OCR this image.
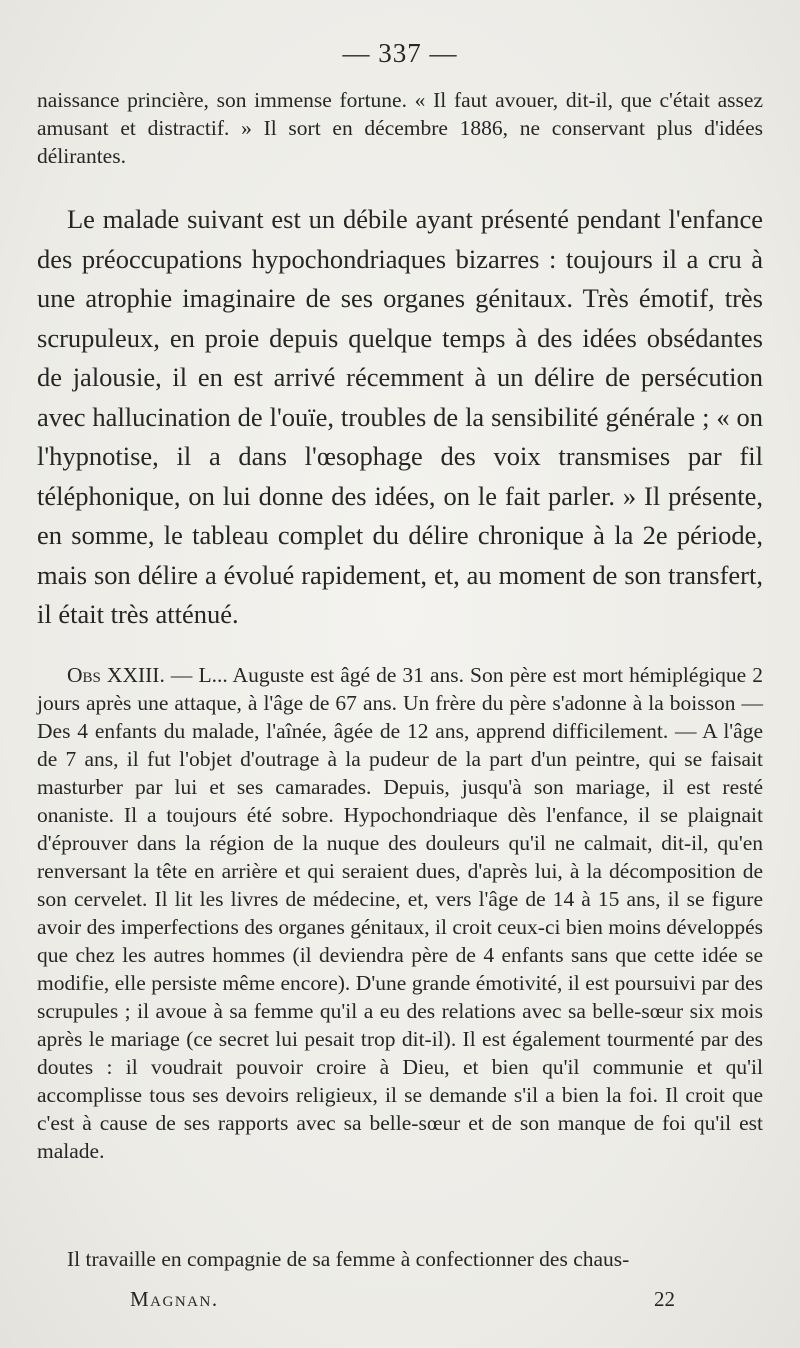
— 337 —

naissance princière, son immense fortune. « Il faut avouer, dit-il, que c'était assez amusant et distractif. » Il sort en décembre 1886, ne conservant plus d'idées délirantes.

Le malade suivant est un débile ayant présenté pendant l'enfance des préoccupations hypochondriaques bizarres : toujours il a cru à une atrophie imaginaire de ses organes génitaux. Très émotif, très scrupuleux, en proie depuis quelque temps à des idées obsédantes de jalousie, il en est arrivé récemment à un délire de persécution avec hallucination de l'ouïe, troubles de la sensibilité générale ; « on l'hypnotise, il a dans l'œsophage des voix transmises par fil téléphonique, on lui donne des idées, on le fait parler. » Il présente, en somme, le tableau complet du délire chronique à la 2e période, mais son délire a évolué rapidement, et, au moment de son transfert, il était très atténué.

Obs XXIII. — L... Auguste est âgé de 31 ans. Son père est mort hémiplégique 2 jours après une attaque, à l'âge de 67 ans. Un frère du père s'adonne à la boisson — Des 4 enfants du malade, l'aînée, âgée de 12 ans, apprend difficilement. — A l'âge de 7 ans, il fut l'objet d'outrage à la pudeur de la part d'un peintre, qui se faisait masturber par lui et ses camarades. Depuis, jusqu'à son mariage, il est resté onaniste. Il a toujours été sobre. Hypochondriaque dès l'enfance, il se plaignait d'éprouver dans la région de la nuque des douleurs qu'il ne calmait, dit-il, qu'en renversant la tête en arrière et qui seraient dues, d'après lui, à la décomposition de son cervelet. Il lit les livres de médecine, et, vers l'âge de 14 à 15 ans, il se figure avoir des imperfections des organes génitaux, il croit ceux-ci bien moins développés que chez les autres hommes (il deviendra père de 4 enfants sans que cette idée se modifie, elle persiste même encore). D'une grande émotivité, il est poursuivi par des scrupules ; il avoue à sa femme qu'il a eu des relations avec sa belle-sœur six mois après le mariage (ce secret lui pesait trop dit-il). Il est également tourmenté par des doutes : il voudrait pouvoir croire à Dieu, et bien qu'il communie et qu'il accomplisse tous ses devoirs religieux, il se demande s'il a bien la foi. Il croit que c'est à cause de ses rapports avec sa belle-sœur et de son manque de foi qu'il est malade.

Il travaille en compagnie de sa femme à confectionner des chaus-

Magnan.	22
